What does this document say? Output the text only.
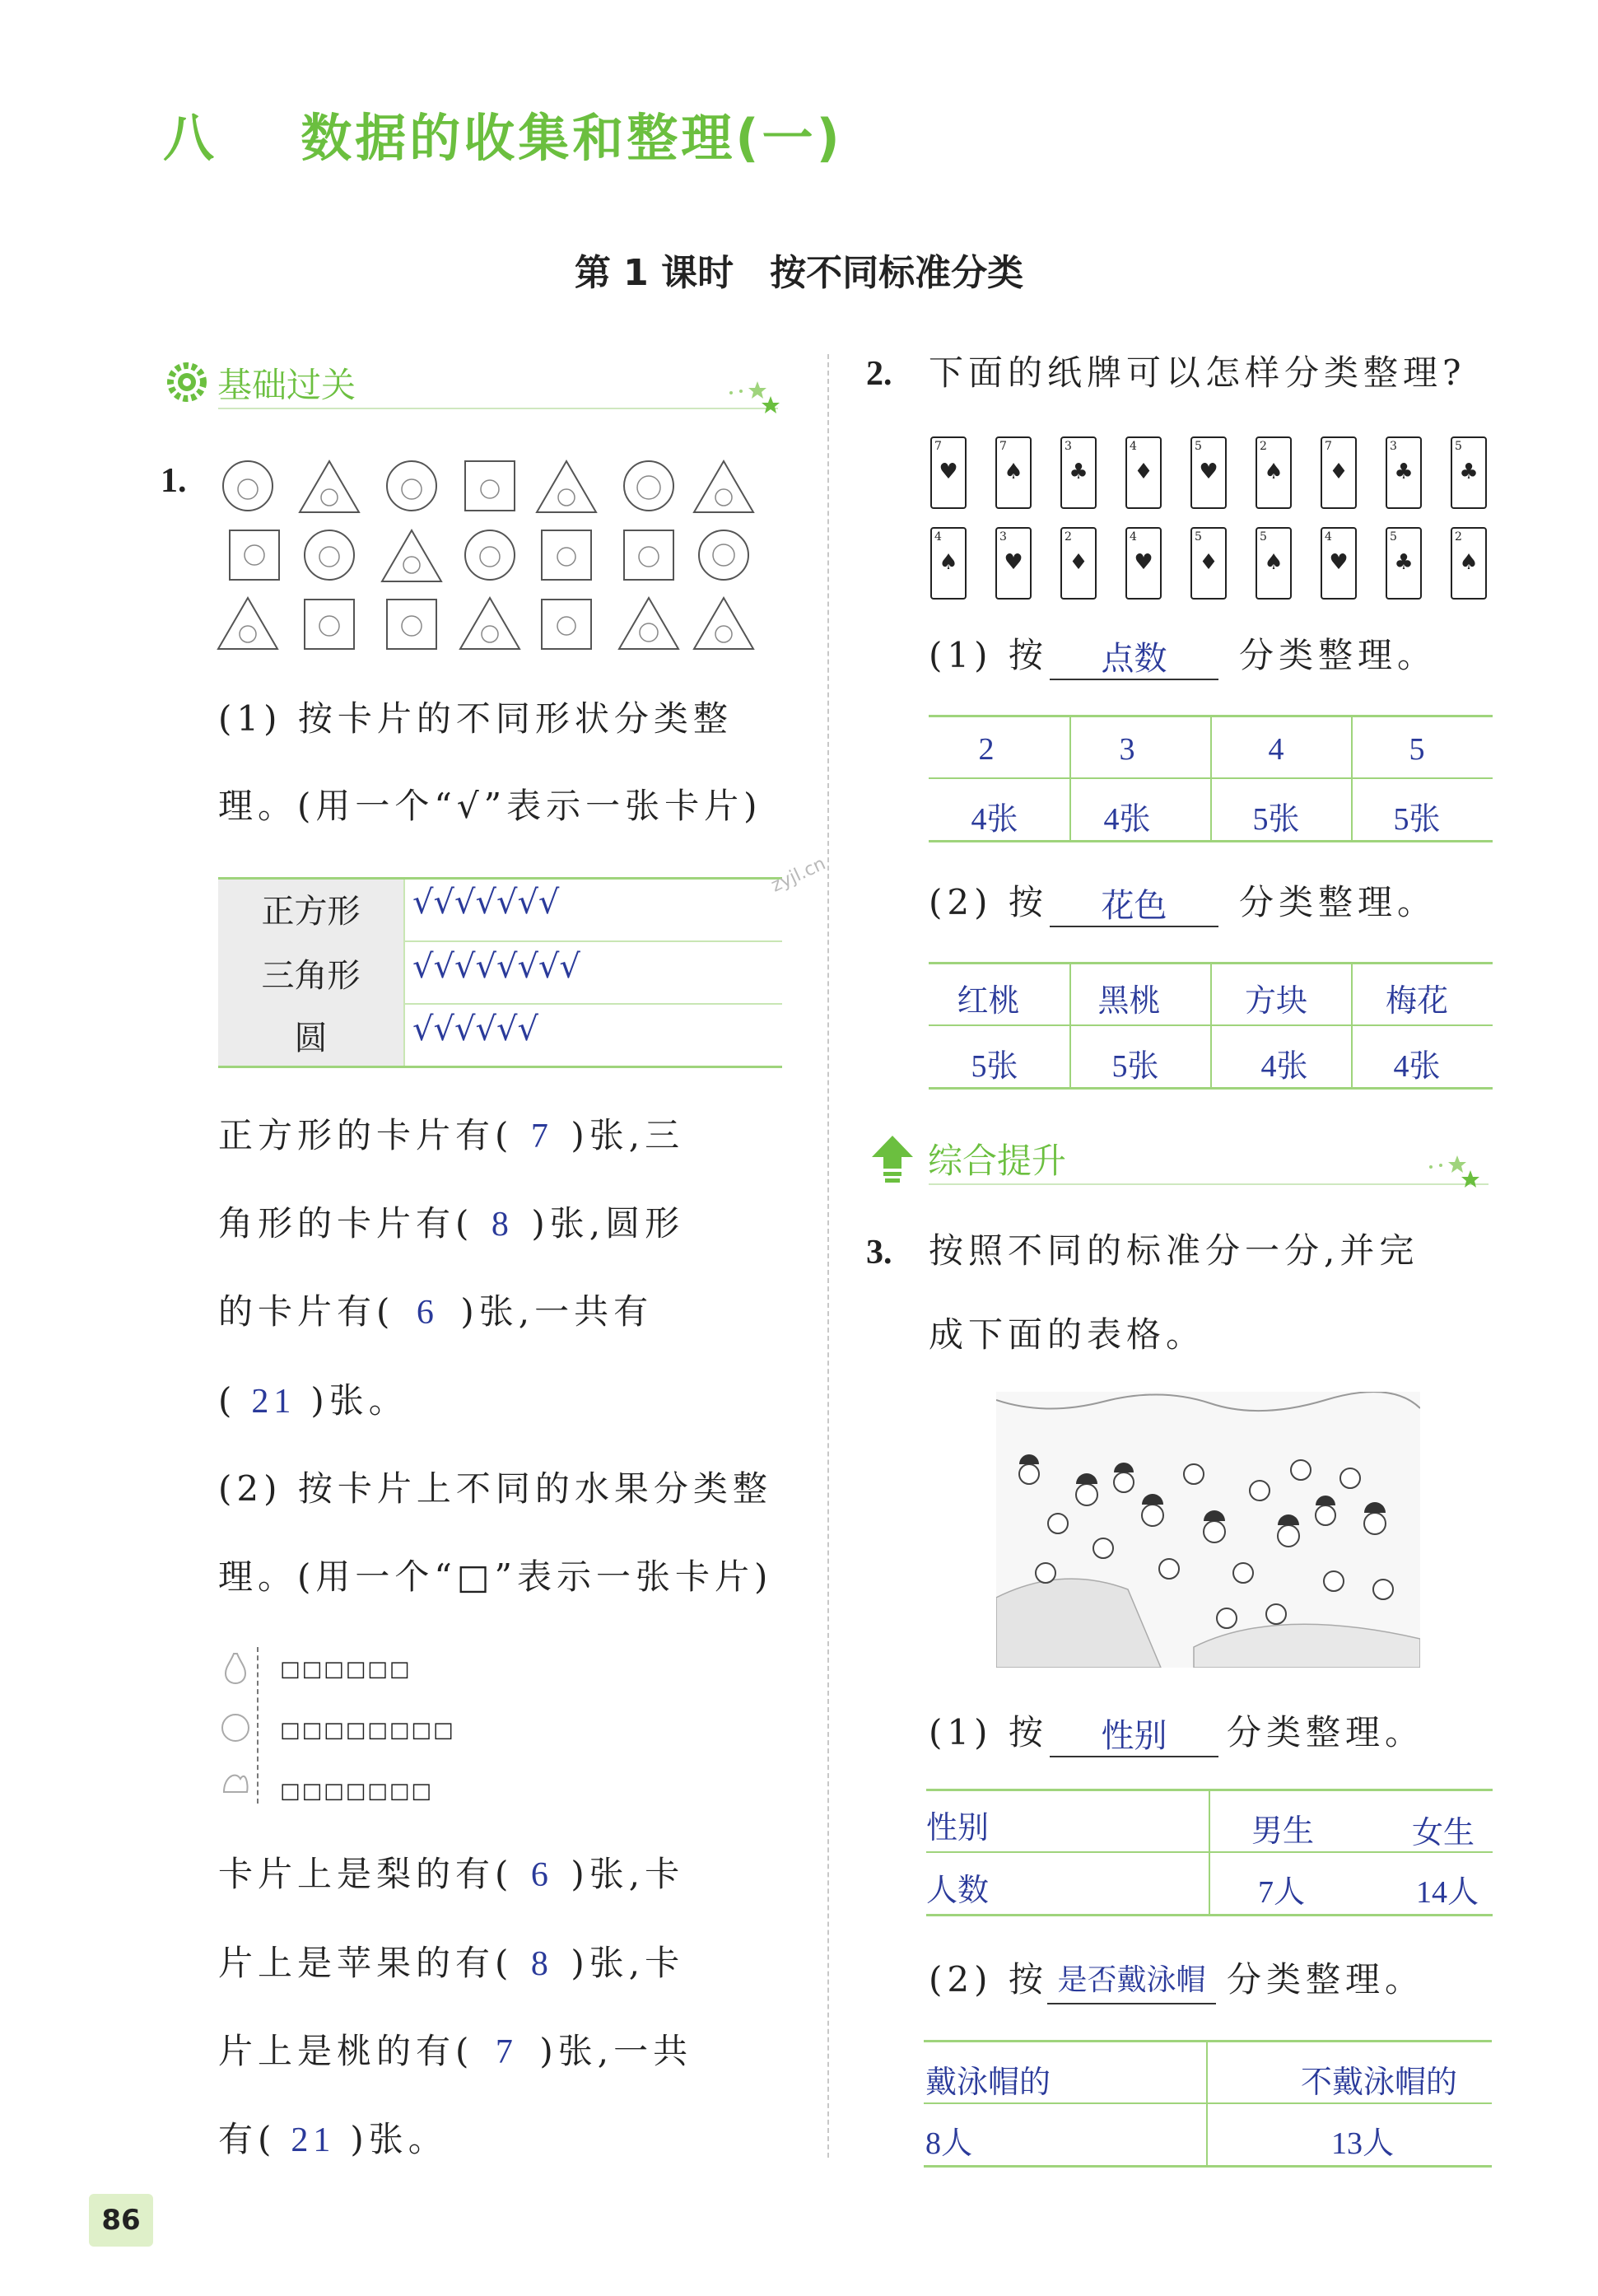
八 数据的收集和整理(一)
第 1 课时　按不同标准分类
基础过关
1.
(1) 按卡片的不同形状分类整
理。(用一个“√”表示一张卡片)
正方形	√√√√√√√
三角形	√√√√√√√√
圆	√√√√√√
zyjl.cn
正方形的卡片有( 7 )张,三
角形的卡片有( 8 )张,圆形
的卡片有( 6 )张,一共有
( 21 )张。
(2) 按卡片上不同的水果分类整
理。(用一个“□”表示一张卡片)
□□□□□□
□□□□□□□□
□□□□□□□
卡片上是梨的有( 6 )张,卡
片上是苹果的有( 8 )张,卡
片上是桃的有( 7 )张,一共
有( 21 )张。
2. 下面的纸牌可以怎样分类整理?
7
♥
7
♠
3
♣
4
♦
5
♥
2
♠
7
♦
3
♣
5
♣
4
♠
3
♥
2
♦
4
♥
5
♦
5
♠
4
♥
5
♣
2
♠
(1) 按	点数	分类整理。
2	3	4	5
4张	4张	5张	5张
(2) 按	花色	分类整理。
红桃	黑桃	方块	梅花
5张	5张	4张	4张
综合提升
3. 按照不同的标准分一分,并完
成下面的表格。
(1) 按	性别	分类整理。
性别	男生	女生
人数	7人	14人
(2) 按 是否戴泳帽 分类整理。
戴泳帽的	不戴泳帽的
8人	13人
86
